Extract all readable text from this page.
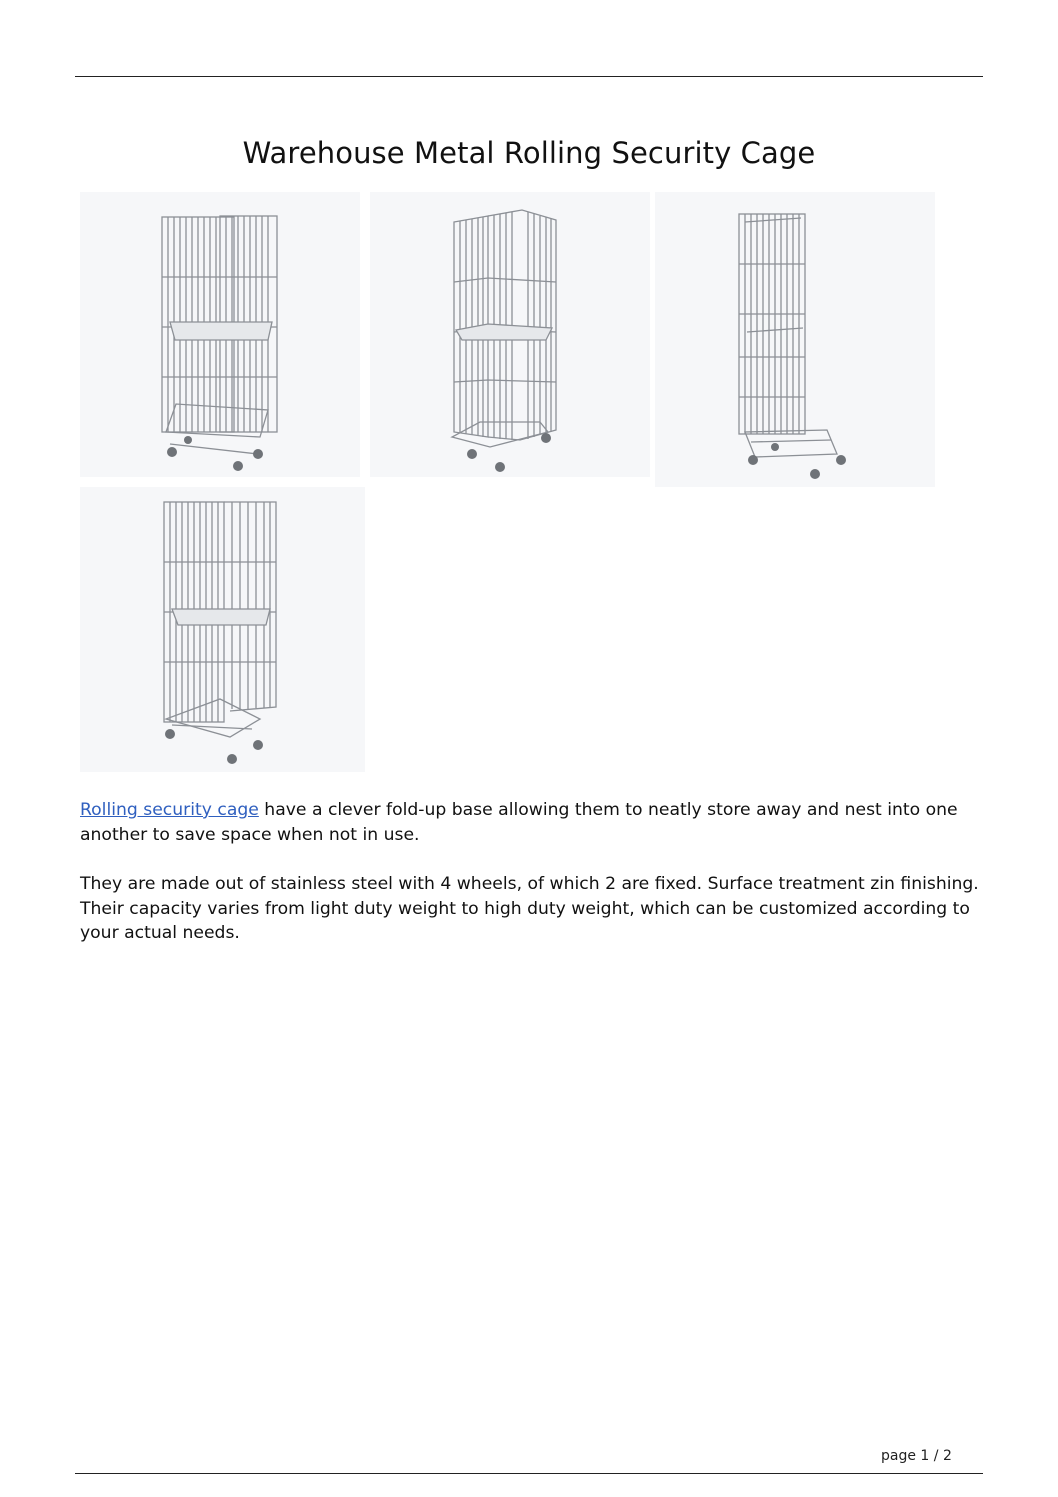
Warehouse Metal Rolling Security Cage

Rolling security cage have a clever fold-up base allowing them to neatly store away and nest into one another to save space when not in use.

They are made out of stainless steel with 4 wheels, of which 2 are fixed. Surface treatment zin finishing. Their capacity varies from light duty weight to high duty weight, which can be customized according to your actual needs.

page 1 / 2
